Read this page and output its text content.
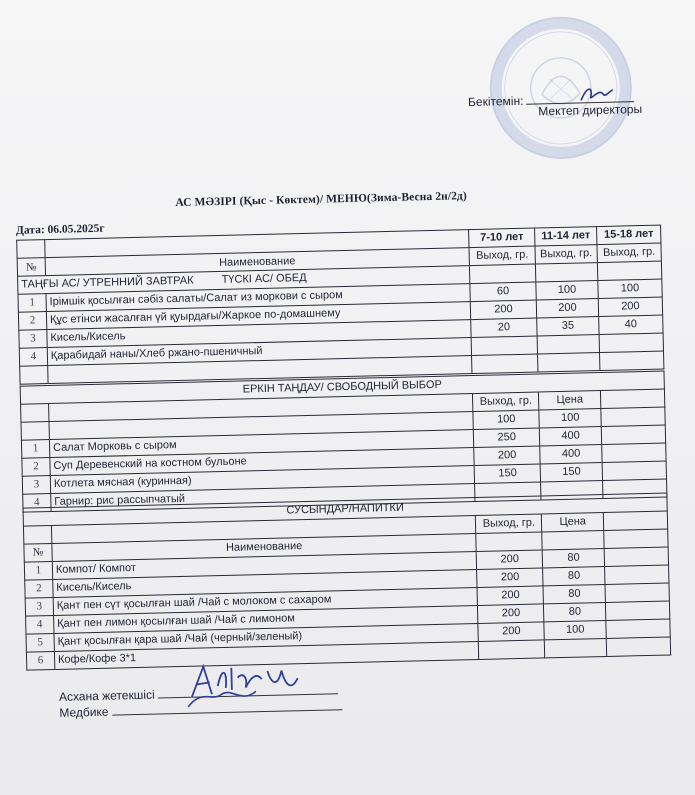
Бекітемін:
Мектеп директоры
АС МӘЗІРІ (Қыс - Көктем)/ МЕНЮ(Зима-Весна 2н/2д)
Дата: 06.05.2025г
		7-10 лет	11-14 лет	15-18 лет
№	Наименование	Выход, гр.	Выход, гр.	Выход, гр.
ТАҢҒЫ АС/ УТРЕННИЙ ЗАВТРАК ТҮСКІ АС/ ОБЕД				
1	Ірімшік қосылған сәбіз салаты/Салат из моркови с сыром	60	100	100
2	Құс етінси жасалған үй қуырдағы/Жаркое по-домашнему	200	200	200
3	Кисель/Кисель	20	35	40
4	Қарабидай наны/Хлеб ржано-пшеничный			

ЕРКІН ТАҢДАУ/ СВОБОДНЫЙ ВЫБОР				
		Выход, гр.	Цена	
		100	100	
1	Салат Морковь с сыром	250	400	
2	Суп Деревенский на костном бульоне	200	400	
3	Котлета мясная (куринная)	150	150	
4	Гарнир: рис рассыпчатый			
СУСЫНДАР/НАПИТКИ				
		Выход, гр.	Цена	
№	Наименование			
1	Компот/ Компот	200	80	
2	Кисель/Кисель	200	80	
3	Қант пен сүт қосылған шай /Чай с молоком с сахаром	200	80	
4	Қант пен лимон қосылған шай /Чай с лимоном	200	80	
5	Қант қосылған қара шай /Чай (черный/зеленый)	200	100	
6	Кофе/Кофе 3*1			
Асхана жетекшісі
Медбике
